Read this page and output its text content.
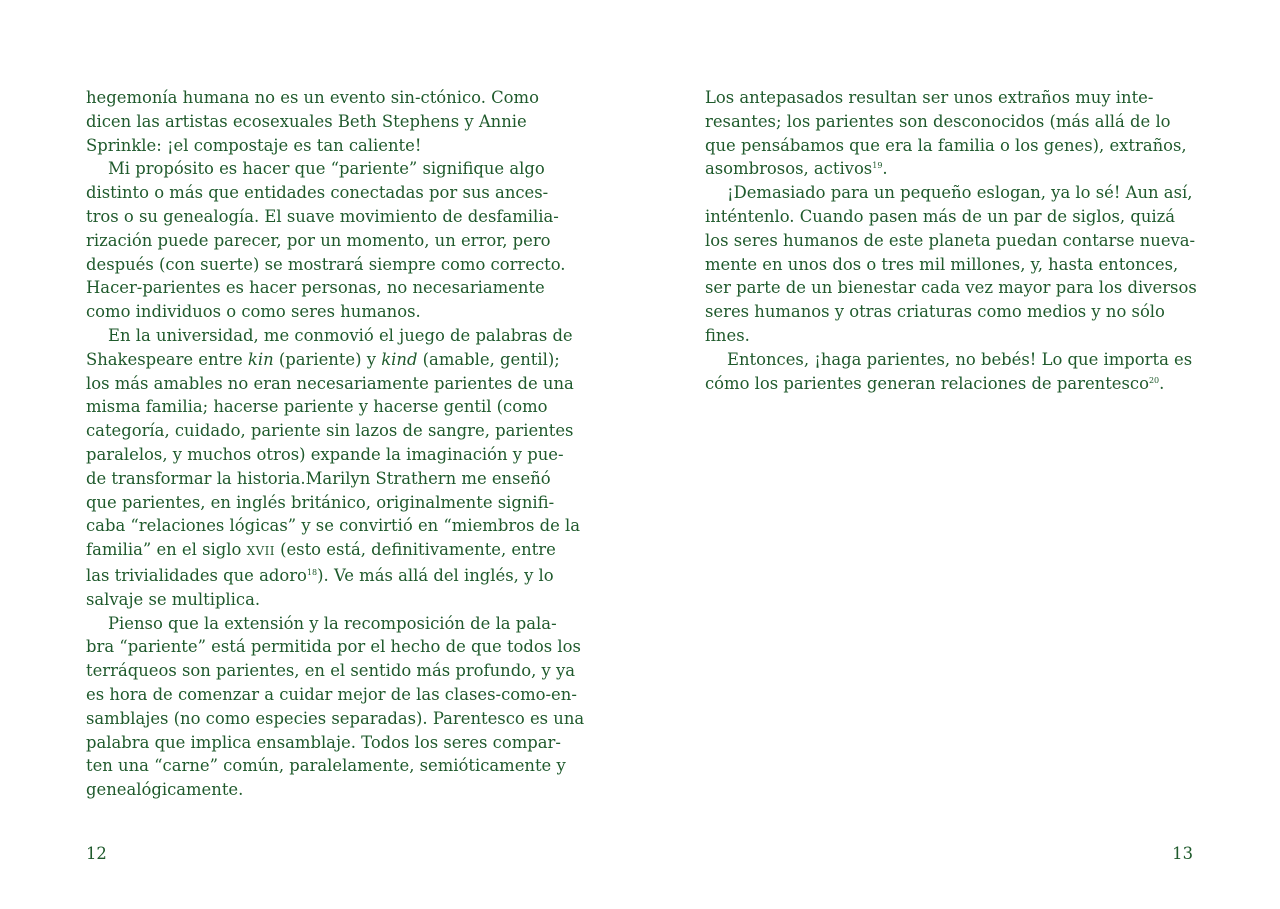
hegemonía humana no es un evento sin-ctónico. Como
dicen las artistas ecosexuales Beth Stephens y Annie
Sprinkle: ¡el compostaje es tan caliente!
Mi propósito es hacer que “pariente” signifique algo
distinto o más que entidades conectadas por sus ances-
tros o su genealogía. El suave movimiento de desfamilia-
rización puede parecer, por un momento, un error, pero
después (con suerte) se mostrará siempre como correcto.
Hacer-parientes es hacer personas, no necesariamente
como individuos o como seres humanos.
En la universidad, me conmovió el juego de palabras de
Shakespeare entre kin (pariente) y kind (amable, gentil);
los más amables no eran necesariamente parientes de una
misma familia; hacerse pariente y hacerse gentil (como
categoría, cuidado, pariente sin lazos de sangre, parientes
paralelos, y muchos otros) expande la imaginación y pue-
de transformar la historia.Marilyn Strathern me enseñó
que parientes, en inglés británico, originalmente signifi-
caba “relaciones lógicas” y se convirtió en “miembros de la
familia” en el siglo XVII (esto está, definitivamente, entre
las trivialidades que adoro$^{18}$). Ve más allá del inglés, y lo
salvaje se multiplica.
Pienso que la extensión y la recomposición de la pala-
bra “pariente” está permitida por el hecho de que todos los
terráqueos son parientes, en el sentido más profundo, y ya
es hora de comenzar a cuidar mejor de las clases-como-en-
samblajes (no como especies separadas). Parentesco es una
palabra que implica ensamblaje. Todos los seres compar-
ten una “carne” común, paralelamente, semióticamente y
genealógicamente.

Los antepasados resultan ser unos extraños muy inte-
resantes; los parientes son desconocidos (más allá de lo
que pensábamos que era la familia o los genes), extraños,
asombrosos, activos$^{19}$.
¡Demasiado para un pequeño eslogan, ya lo sé! Aun así,
inténtenlo. Cuando pasen más de un par de siglos, quizá
los seres humanos de este planeta puedan contarse nueva-
mente en unos dos o tres mil millones, y, hasta entonces,
ser parte de un bienestar cada vez mayor para los diversos
seres humanos y otras criaturas como medios y no sólo
fines.
Entonces, ¡haga parientes, no bebés! Lo que importa es
cómo los parientes generan relaciones de parentesco$^{20}$.

12	13
